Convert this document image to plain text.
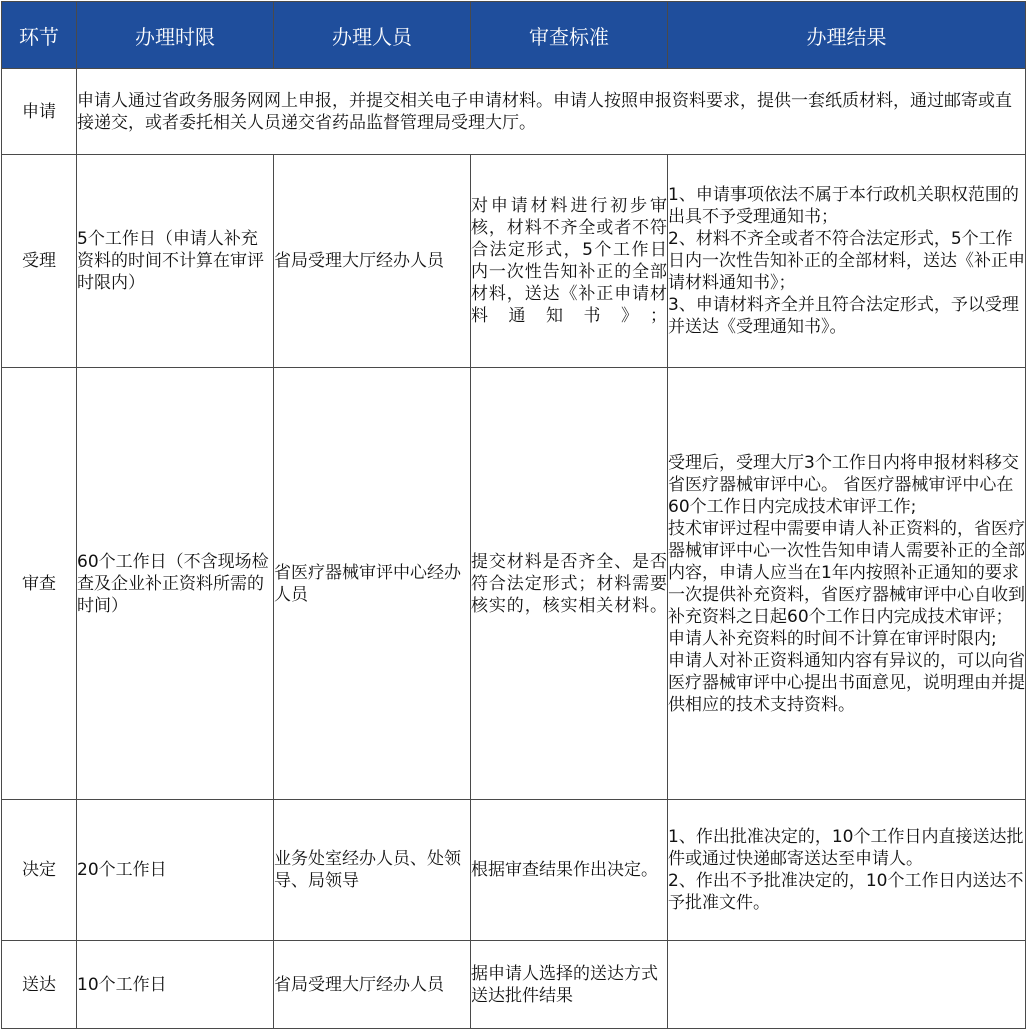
环节	办理时限	办理人员	审查标准	办理结果
申请	申请人通过省政务服务网网上申报，并提交相关电子申请材料。申请人按照申报资料要求，提供一套纸质材料，通过邮寄或直接递交，或者委托相关人员递交省药品监督管理局受理大厅。			
受理	5个工作日（申请人补充资料的时间不计算在审评时限内）	省局受理大厅经办人员	对申请材料进行初步审核，材料不齐全或者不符合法定形式，5个工作日内一次性告知补正的全部材料，送达《补正申请材料通知书》；	1、申请事项依法不属于本行政机关职权范围的出具不予受理通知书；
2、材料不齐全或者不符合法定形式，5个工作日内一次性告知补正的全部材料，送达《补正申请材料通知书》；
3、申请材料齐全并且符合法定形式，予以受理并送达《受理通知书》。

审查	60个工作日（不含现场检查及企业补正资料所需的时间）	省医疗器械审评中心经办人员	提交材料是否齐全、是否符合法定形式；材料需要核实的，核实相关材料。	受理后，受理大厅3个工作日内将申报材料移交省医疗器械审评中心。 省医疗器械审评中心在60个工作日内完成技术审评工作;
技术审评过程中需要申请人补正资料的，省医疗器械审评中心一次性告知申请人需要补正的全部内容，申请人应当在1年内按照补正通知的要求一次提供补充资料，省医疗器械审评中心自收到补充资料之日起60个工作日内完成技术审评；
申请人补充资料的时间不计算在审评时限内;
申请人对补正资料通知内容有异议的，可以向省医疗器械审评中心提出书面意见，说明理由并提供相应的技术支持资料。

决定	20个工作日	业务处室经办人员、处领导、局领导	根据审查结果作出决定。	1、作出批准决定的，10个工作日内直接送达批件或通过快递邮寄送达至申请人。
2、作出不予批准决定的，10个工作日内送达不予批准文件。

送达	10个工作日	省局受理大厅经办人员	据申请人选择的送达方式送达批件结果	
